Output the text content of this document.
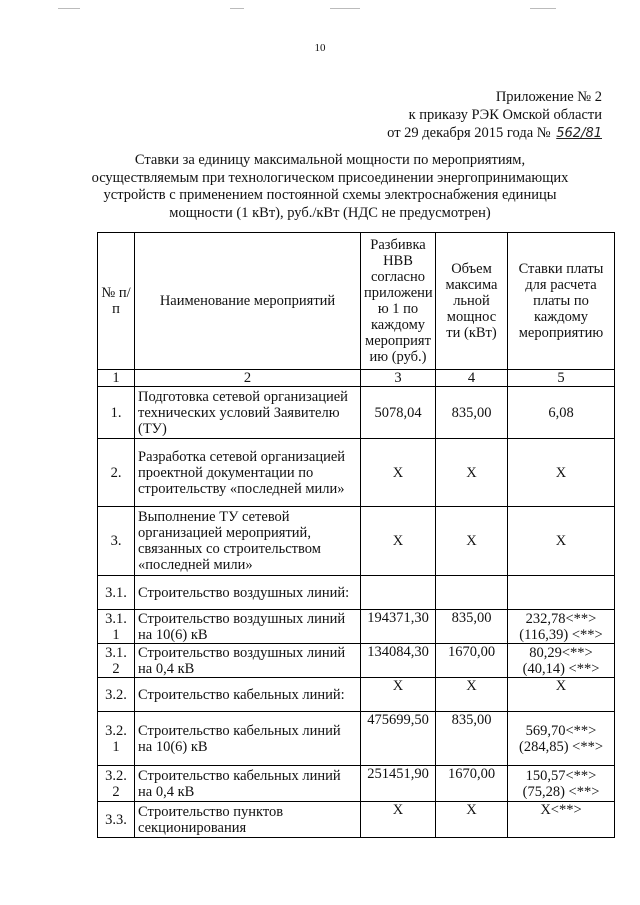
10
Приложение № 2
к приказу РЭК Омской области
от 29 декабря 2015 года № 562/81
Ставки за единицу максимальной мощности по мероприятиям,
осуществляемым при технологическом присоединении энергопринимающих
устройств с применением постоянной схемы электроснабжения единицы
мощности (1 кВт), руб./кВт (НДС не предусмотрен)
№ п/п	Наименование мероприятий	Разбивка НВВ согласно приложени ю 1 по каждому мероприят ию (руб.)	Объем максима льной мощнос ти (кВт)	Ставки платы для расчета платы по каждому мероприятию
1	2	3	4	5
1.	Подготовка сетевой организацией технических условий Заявителю (ТУ)	5078,04	835,00	6,08
2.	Разработка сетевой организацией проектной документации по строительству «последней мили»	X	X	X
3.	Выполнение ТУ сетевой организацией мероприятий, связанных со строительством «последней мили»	X	X	X
3.1.	Строительство воздушных линий:			
3.1. 1	Строительство воздушных линий на 10(6) кВ	194371,30	835,00	232,78<**> (116,39) <**>
3.1. 2	Строительство воздушных линий на 0,4 кВ	134084,30	1670,00	80,29<**> (40,14) <**>
3.2.	Строительство кабельных линий:	X	X	X
3.2. 1	Строительство кабельных линий на 10(6) кВ	475699,50	835,00	569,70<**> (284,85) <**>
3.2. 2	Строительство кабельных линий на 0,4 кВ	251451,90	1670,00	150,57<**> (75,28) <**>
3.3.	Строительство пунктов секционирования	X	X	X<**>
